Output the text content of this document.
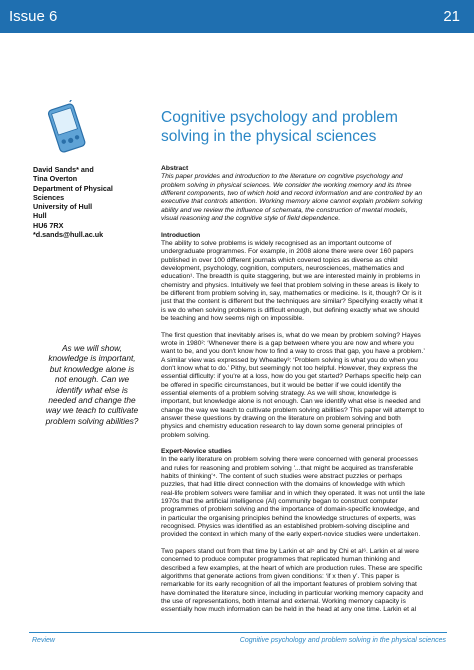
Issue 6	21
Cognitive psychology and problem
solving in the physical sciences
David Sands* and
Tina Overton
Department of Physical
Sciences
University of Hull
Hull
HU6 7RX
*d.sands@hull.ac.uk
As we will show,
knowledge is important,
but knowledge alone is
not enough. Can we
identify what else is
needed and change the
way we teach to cultivate
problem solving abilities?
Abstract

This paper provides and introduction to the literature on cognitive psychology and
problem solving in physical sciences. We consider the working memory and its three
different components, two of which hold and record information and are controlled by an
executive that controls attention. Working memory alone cannot explain problem solving
ability and we review the influence of schemata, the construction of mental models,
visual reasoning and the cognitive style of field dependence.

Introduction

The ability to solve problems is widely recognised as an important outcome of
undergraduate programmes. For example, in 2008 alone there were over 160 papers
published in over 100 different journals which covered topics as diverse as child
development, psychology, cognition, computers, neurosciences, mathematics and
education¹. The breadth is quite staggering, but we are interested mainly in problems in
chemistry and physics. Intuitively we feel that problem solving in these areas is likely to
be different from problem solving in, say, mathematics or medicine. Is it, though? Or is it
just that the content is different but the techniques are similar? Specifying exactly what it
is we do when solving problems is difficult enough, but defining exactly what we should
be teaching and how seems nigh on impossible.

The first question that inevitably arises is, what do we mean by problem solving? Hayes
wrote in 1980²: ‘Whenever there is a gap between where you are now and where you
want to be, and you don't know how to find a way to cross that gap, you have a problem.’
A similar view was expressed by Wheatley³: ‘Problem solving is what you do when you
don't know what to do.’ Pithy, but seemingly not too helpful. However, they express the
essential difficulty: if you're at a loss, how do you get started? Perhaps specific help can
be offered in specific circumstances, but it would be better if we could identify the
essential elements of a problem solving strategy. As we will show, knowledge is
important, but knowledge alone is not enough. Can we identify what else is needed and
change the way we teach to cultivate problem solving abilities? This paper will attempt to
answer these questions by drawing on the literature on problem solving and both
physics and chemistry education research to lay down some general principles of
problem solving.

Expert-Novice studies

In the early literature on problem solving there were concerned with general processes
and rules for reasoning and problem solving '...that might be acquired as transferable
habits of thinking'⁴. The content of such studies were abstract puzzles or perhaps
puzzles, that had little direct connection with the domains of knowledge with which
real-life problem solvers were familiar and in which they operated. It was not until the late
1970s that the artificial intelligence (AI) community began to construct computer
programmes of problem solving and the importance of domain-specific knowledge, and
in particular the organising principles behind the knowledge structures of experts, was
recognised. Physics was identified as an established problem-solving discipline and
provided the context in which many of the early expert-novice studies were undertaken.

Two papers stand out from that time by Larkin et al⁵ and by Chi et al⁶. Larkin et al were
concerned to produce computer programmes that replicated human thinking and
described a few examples, at the heart of which are production rules. These are specific
algorithms that generate actions from given conditions: ‘if x then y’. This paper is
remarkable for its early recognition of all the important features of problem solving that
have dominated the literature since, including in particular working memory capacity and
the use of representations, both internal and external. Working memory capacity is
essentially how much information can be held in the head at any one time. Larkin et al

Review	Cognitive psychology and problem solving in the physical sciences
